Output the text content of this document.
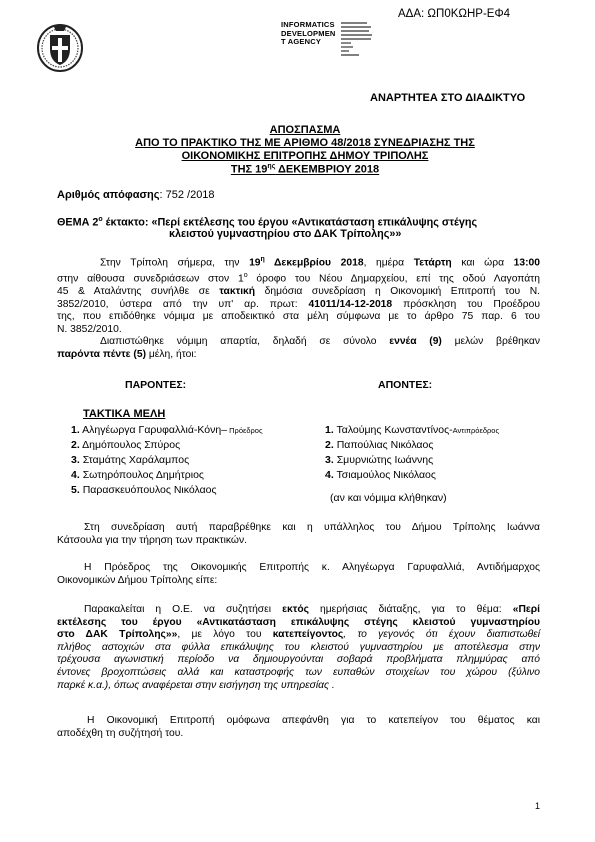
ΑΔΑ: ΩΠ0ΚΩΗΡ-ΕΦ4
INFORMATICS
DEVELOPMEN
T AGENCY
ΑΝΑΡΤΗΤΕΑ ΣΤΟ ΔΙΑΔΙΚΤΥΟ
ΑΠΟΣΠΑΣΜΑ
ΑΠΟ ΤΟ ΠΡΑΚΤΙΚΟ ΤΗΣ ΜΕ ΑΡΙΘΜΟ 48/2018 ΣΥΝΕΔΡΙΑΣΗΣ ΤΗΣ
ΟΙΚΟΝΟΜΙΚΗΣ ΕΠΙΤΡΟΠΗΣ ΔΗΜΟΥ ΤΡΙΠΟΛΗΣ
ΤΗΣ $19^{\eta\varsigma}$ ΔΕΚΕΜΒΡΙΟΥ 2018
Αριθμός απόφασης: 752 /2018
ΘΕΜΑ $2^o$ έκτακτο: «Περί εκτέλεσης του έργου «Αντικατάσταση επικάλυψης στέγης
κλειστού γυμναστηρίου στο ΔΑΚ Τρίπολης»»
Στην Τρίπολη σήμερα, την $19^\eta$ Δεκεμβρίου 2018, ημέρα Τετάρτη και ώρα 13:00
στην αίθουσα συνεδριάσεων στον $1^o$ όροφο του Νέου Δημαρχείου, επί της οδού Λαγοπάτη
45 & Αταλάντης συνήλθε σε τακτική δημόσια συνεδρίαση η Οικονομική Επιτροπή του Ν.
3852/2010, ύστερα από την υπ' αρ. πρωτ: 41011/14-12-2018 πρόσκληση του Προέδρου
της, που επιδόθηκε νόμιμα με αποδεικτικό στα μέλη σύμφωνα με το άρθρο 75 παρ. 6 του
Ν. 3852/2010.
Διαπιστώθηκε νόμιμη απαρτία, δηλαδή σε σύνολο εννέα (9) μελών βρέθηκαν
παρόντα πέντε (5) μέλη, ήτοι:
ΠΑΡΟΝΤΕΣ:	ΑΠΟΝΤΕΣ:
ΤΑΚΤΙΚΑ ΜΕΛΗ
1. Αληγέωργα Γαρυφαλλιά-Κόνη– Πρόεδρος
2. Δημόπουλος Σπύρος
3. Σταμάτης Χαράλαμπος
4. Σωτηρόπουλος Δημήτριος
5. Παρασκευόπουλος Νικόλαος
1. Ταλούμης Κωνσταντίνος-Αντιπρόεδρος
2. Παπούλιας Νικόλαος
3. Σμυρνιώτης Ιωάννης
4. Τσιαμούλος Νικόλαος
(αν και νόμιμα κλήθηκαν)
Στη συνεδρίαση αυτή παραβρέθηκε και η υπάλληλος του Δήμου Τρίπολης Ιωάννα
Κάτσουλα για την τήρηση των πρακτικών.
Η Πρόεδρος της Οικονομικής Επιτροπής κ. Αληγέωργα Γαρυφαλλιά, Αντιδήμαρχος
Οικονομικών Δήμου Τρίπολης είπε:
Παρακαλείται η Ο.Ε. να συζητήσει εκτός ημερήσιας διάταξης, για το θέμα: «Περί
εκτέλεσης του έργου «Αντικατάσταση επικάλυψης στέγης κλειστού γυμναστηρίου
στο ΔΑΚ Τρίπολης»», με λόγο του κατεπείγοντος, το γεγονός ότι έχουν διαπιστωθεί
πλήθος αστοχιών στα φύλλα επικάλυψης του κλειστού γυμναστηρίου με αποτέλεσμα στην
τρέχουσα αγωνιστική περίοδο να δημιουργούνται σοβαρά προβλήματα πλημμύρας από
έντονες βροχοπτώσεις αλλά και καταστροφής των ευπαθών στοιχείων του χώρου (ξύλινο
παρκέ κ.α.), όπως αναφέρεται στην εισήγηση της υπηρεσίας .
Η Οικονομική Επιτροπή ομόφωνα απεφάνθη για το κατεπείγον του θέματος και
αποδέχθη τη συζήτησή του.
1
